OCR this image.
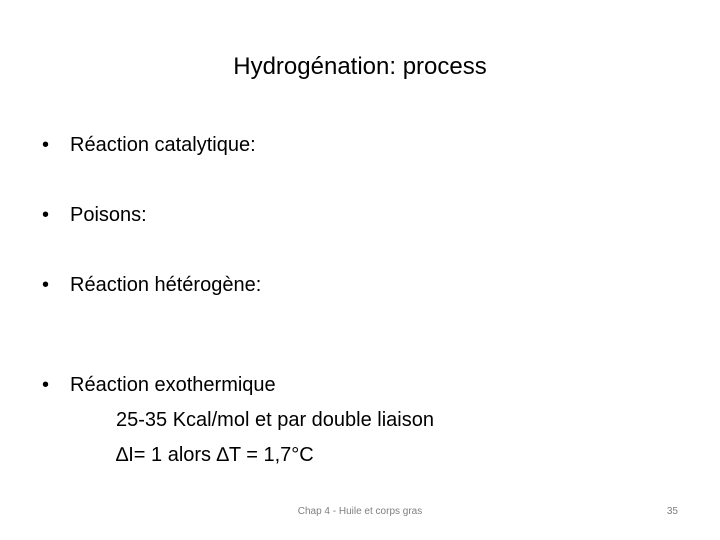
Hydrogénation: process
• Réaction catalytique:
• Poisons:
• Réaction hétérogène:
• Réaction exothermique
25-35 Kcal/mol et par double liaison
∆I= 1 alors ∆T = 1,7°C
Chap 4 - Huile et corps gras	35
